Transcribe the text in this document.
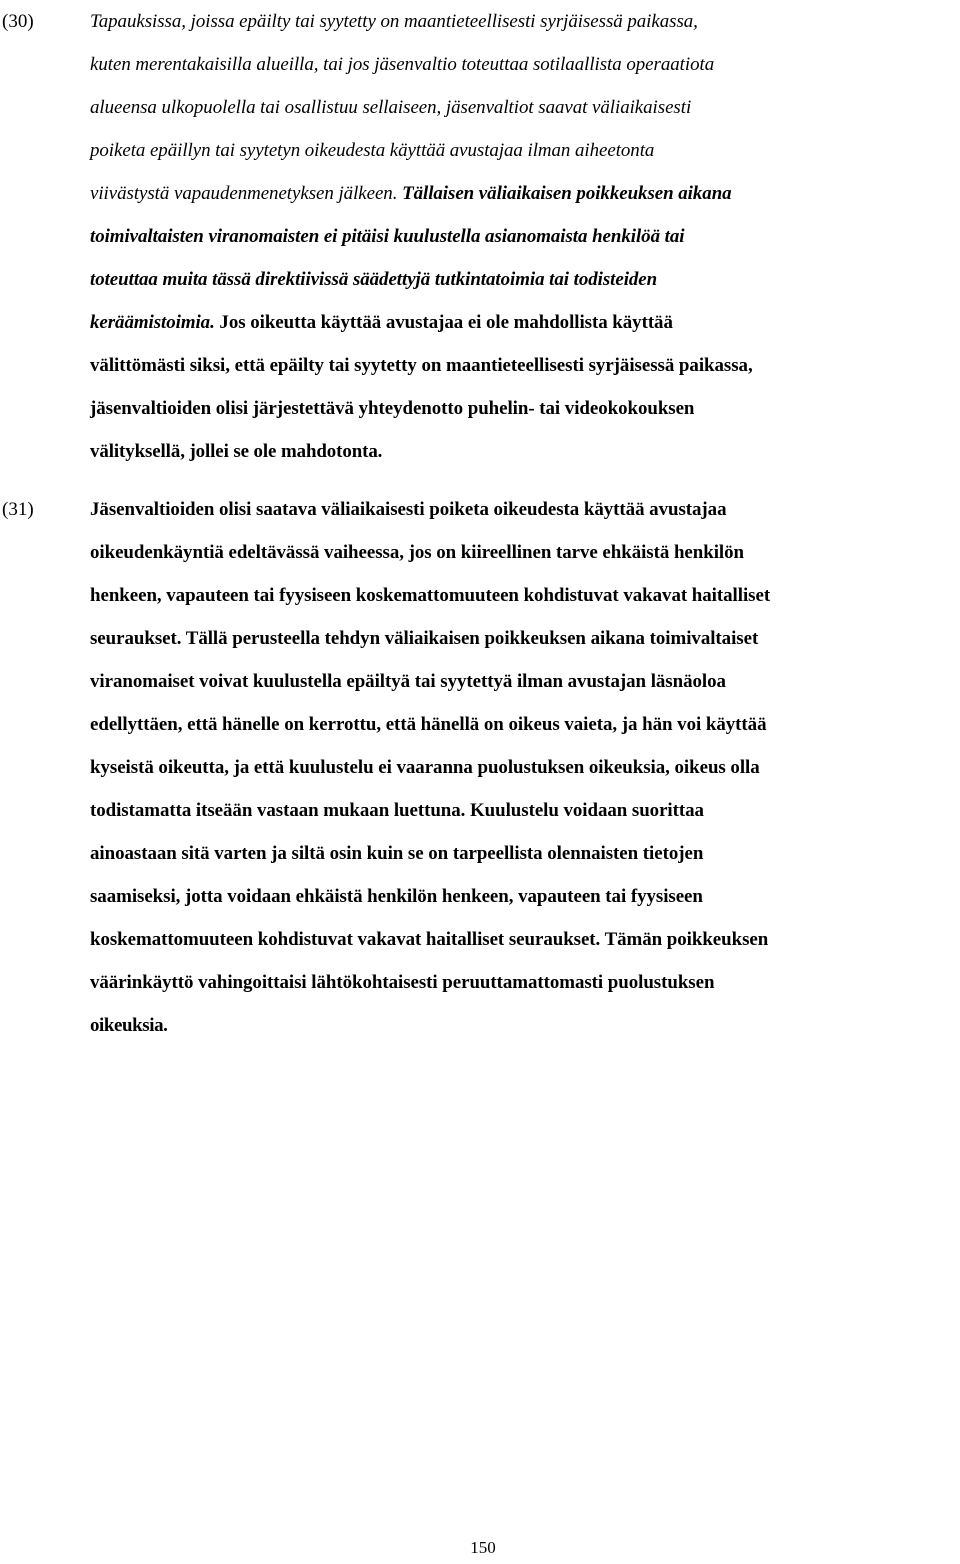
(30)	Tapauksissa, joissa epäilty tai syytetty on maantieteellisesti syrjäisessä paikassa,
kuten merentakaisilla alueilla, tai jos jäsenvaltio toteuttaa sotilaallista operaatiota
alueensa ulkopuolella tai osallistuu sellaiseen, jäsenvaltiot saavat väliaikaisesti
poiketa epäillyn tai syytetyn oikeudesta käyttää avustajaa ilman aiheetonta
viivästystä vapaudenmenetyksen jälkeen. Tällaisen väliaikaisen poikkeuksen aikana
toimivaltaisten viranomaisten ei pitäisi kuulustella asianomaista henkilöä tai
toteuttaa muita tässä direktiivissä säädettyjä tutkintatoimia tai todisteiden
keräämistoimia. Jos oikeutta käyttää avustajaa ei ole mahdollista käyttää
välittömästi siksi, että epäilty tai syytetty on maantieteellisesti syrjäisessä paikassa,
jäsenvaltioiden olisi järjestettävä yhteydenotto puhelin- tai videokokouksen
välityksellä, jollei se ole mahdotonta.
(31)	Jäsenvaltioiden olisi saatava väliaikaisesti poiketa oikeudesta käyttää avustajaa
oikeudenkäyntiä edeltävässä vaiheessa, jos on kiireellinen tarve ehkäistä henkilön
henkeen, vapauteen tai fyysiseen koskemattomuuteen kohdistuvat vakavat haitalliset
seuraukset. Tällä perusteella tehdyn väliaikaisen poikkeuksen aikana toimivaltaiset
viranomaiset voivat kuulustella epäiltyä tai syytettyä ilman avustajan läsnäoloa
edellyttäen, että hänelle on kerrottu, että hänellä on oikeus vaieta, ja hän voi käyttää
kyseistä oikeutta, ja että kuulustelu ei vaaranna puolustuksen oikeuksia, oikeus olla
todistamatta itseään vastaan mukaan luettuna. Kuulustelu voidaan suorittaa
ainoastaan sitä varten ja siltä osin kuin se on tarpeellista olennaisten tietojen
saamiseksi, jotta voidaan ehkäistä henkilön henkeen, vapauteen tai fyysiseen
koskemattomuuteen kohdistuvat vakavat haitalliset seuraukset. Tämän poikkeuksen
väärinkäyttö vahingoittaisi lähtökohtaisesti peruuttamattomasti puolustuksen
oikeuksia.
150
